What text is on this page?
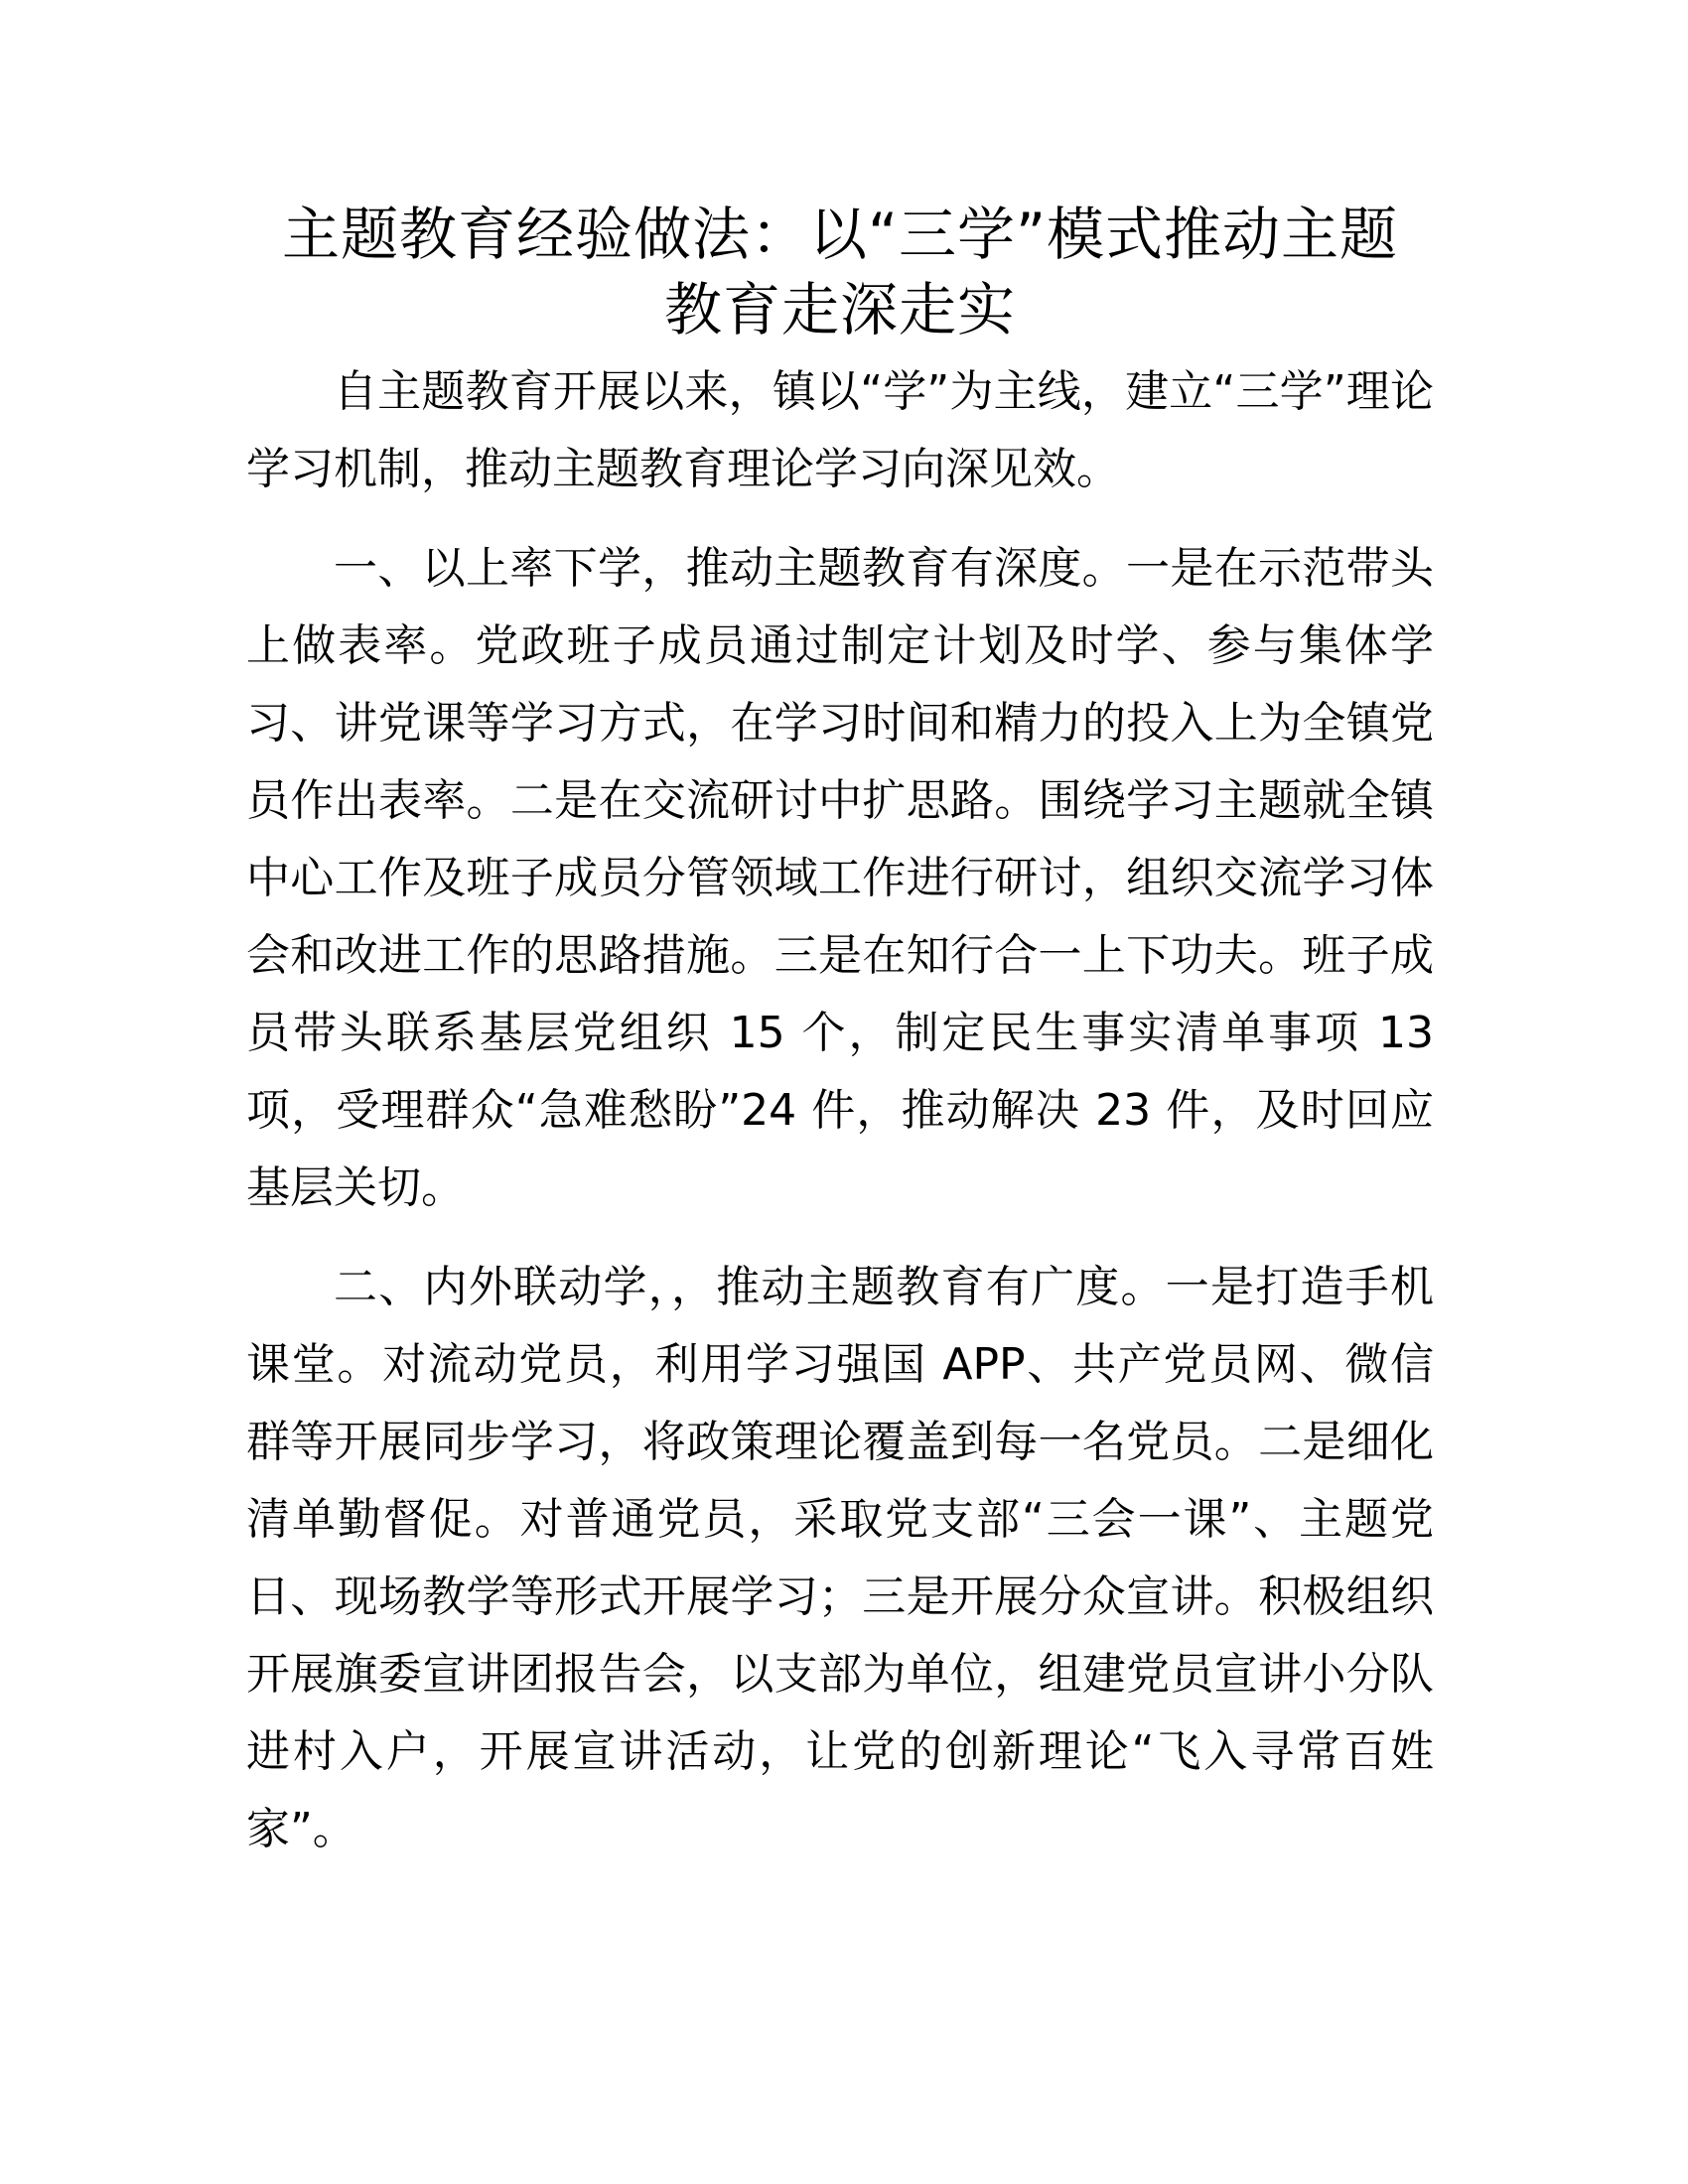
主题教育经验做法：以“三学”模式推动主题
教育走深走实

自主题教育开展以来，镇以“学”为主线，建立“三学”理论学习机制，推动主题教育理论学习向深见效。

一、以上率下学，推动主题教育有深度。一是在示范带头上做表率。党政班子成员通过制定计划及时学、参与集体学习、讲党课等学习方式，在学习时间和精力的投入上为全镇党员作出表率。二是在交流研讨中扩思路。围绕学习主题就全镇中心工作及班子成员分管领域工作进行研讨，组织交流学习体会和改进工作的思路措施。三是在知行合一上下功夫。班子成员带头联系基层党组织 15 个，制定民生事实清单事项 13 项，受理群众“急难愁盼”24 件，推动解决 23 件，及时回应基层关切。

二、内外联动学，，推动主题教育有广度。一是打造手机课堂。对流动党员，利用学习强国 APP、共产党员网、微信群等开展同步学习，将政策理论覆盖到每一名党员。二是细化清单勤督促。对普通党员，采取党支部“三会一课”、主题党日、现场教学等形式开展学习；三是开展分众宣讲。积极组织开展旗委宣讲团报告会，以支部为单位，组建党员宣讲小分队进村入户，开展宣讲活动，让党的创新理论“飞入寻常百姓家”。
